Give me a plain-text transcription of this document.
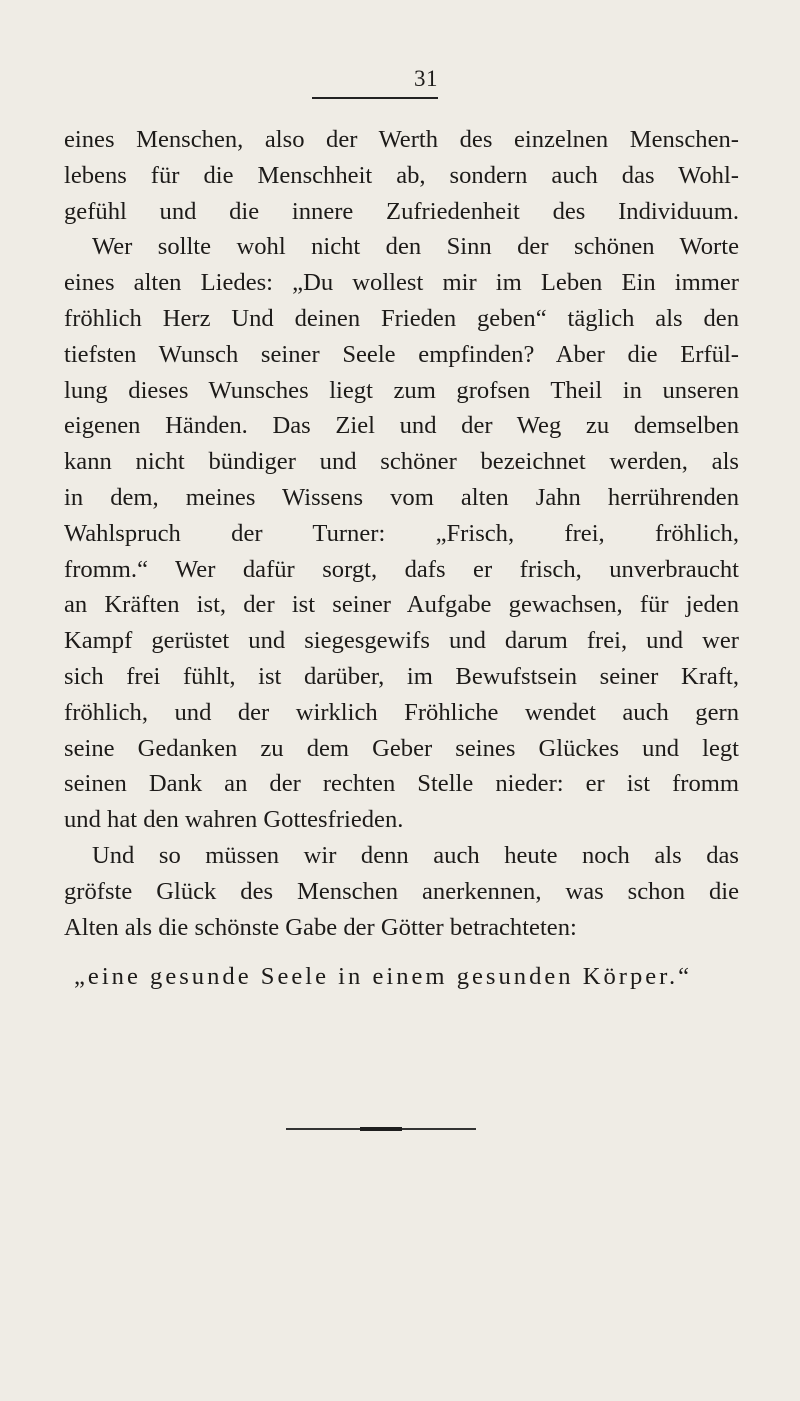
31
eines Menschen, also der Werth des einzelnen Menschen-
lebens für die Menschheit ab, sondern auch das Wohl-
gefühl und die innere Zufriedenheit des Individuum.
Wer sollte wohl nicht den Sinn der schönen Worte
eines alten Liedes: „Du wollest mir im Leben Ein immer
fröhlich Herz Und deinen Frieden geben“ täglich als den
tiefsten Wunsch seiner Seele empfinden? Aber die Erfül-
lung dieses Wunsches liegt zum grofsen Theil in unseren
eigenen Händen. Das Ziel und der Weg zu demselben
kann nicht bündiger und schöner bezeichnet werden, als
in dem, meines Wissens vom alten Jahn herrührenden
Wahlspruch der Turner: „Frisch, frei, fröhlich,
fromm.“ Wer dafür sorgt, dafs er frisch, unverbraucht
an Kräften ist, der ist seiner Aufgabe gewachsen, für jeden
Kampf gerüstet und siegesgewifs und darum frei, und wer
sich frei fühlt, ist darüber, im Bewufstsein seiner Kraft,
fröhlich, und der wirklich Fröhliche wendet auch gern
seine Gedanken zu dem Geber seines Glückes und legt
seinen Dank an der rechten Stelle nieder: er ist fromm
und hat den wahren Gottesfrieden.
Und so müssen wir denn auch heute noch als das
gröfste Glück des Menschen anerkennen, was schon die
Alten als die schönste Gabe der Götter betrachteten:
„eine gesunde Seele in einem gesunden Körper.“
